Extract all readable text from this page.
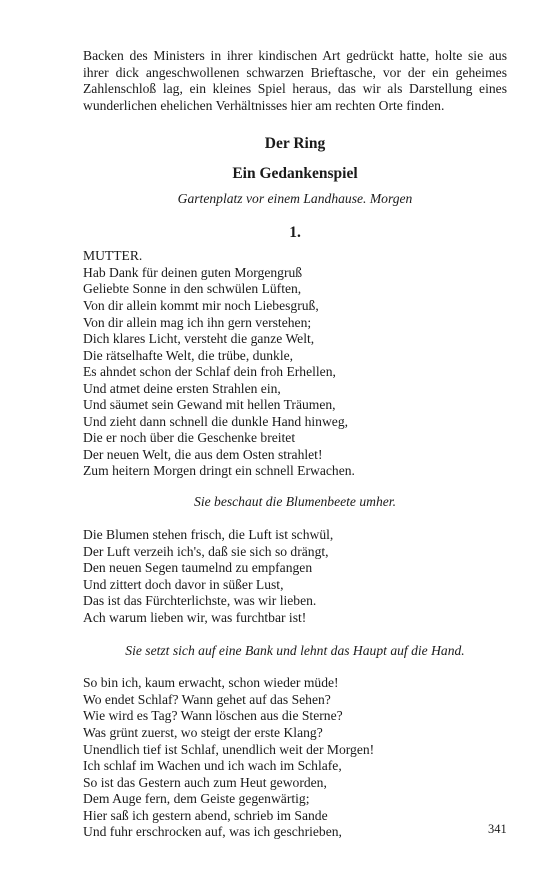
Backen des Ministers in ihrer kindischen Art gedrückt hatte, holte sie aus ihrer dick angeschwollenen schwarzen Brieftasche, vor der ein geheimes Zahlenschloß lag, ein kleines Spiel heraus, das wir als Darstellung eines wunderlichen ehelichen Verhältnisses hier am rechten Orte finden.

Der Ring
Ein Gedankenspiel
Gartenplatz vor einem Landhause. Morgen
1.
MUTTER.
Hab Dank für deinen guten Morgengruß
Geliebte Sonne in den schwülen Lüften,
Von dir allein kommt mir noch Liebesgruß,
Von dir allein mag ich ihn gern verstehen;
Dich klares Licht, versteht die ganze Welt,
Die rätselhafte Welt, die trübe, dunkle,
Es ahndet schon der Schlaf dein froh Erhellen,
Und atmet deine ersten Strahlen ein,
Und säumet sein Gewand mit hellen Träumen,
Und zieht dann schnell die dunkle Hand hinweg,
Die er noch über die Geschenke breitet
Der neuen Welt, die aus dem Osten strahlet!
Zum heitern Morgen dringt ein schnell Erwachen.

Sie beschaut die Blumenbeete umher.

Die Blumen stehen frisch, die Luft ist schwül,
Der Luft verzeih ich's, daß sie sich so drängt,
Den neuen Segen taumelnd zu empfangen
Und zittert doch davor in süßer Lust,
Das ist das Fürchterlichste, was wir lieben.
Ach warum lieben wir, was furchtbar ist!

Sie setzt sich auf eine Bank und lehnt das Haupt auf die Hand.

So bin ich, kaum erwacht, schon wieder müde!
Wo endet Schlaf? Wann gehet auf das Sehen?
Wie wird es Tag? Wann löschen aus die Sterne?
Was grünt zuerst, wo steigt der erste Klang?
Unendlich tief ist Schlaf, unendlich weit der Morgen!
Ich schlaf im Wachen und ich wach im Schlafe,
So ist das Gestern auch zum Heut geworden,
Dem Auge fern, dem Geiste gegenwärtig;
Hier saß ich gestern abend, schrieb im Sande
Und fuhr erschrocken auf, was ich geschrieben,	341
